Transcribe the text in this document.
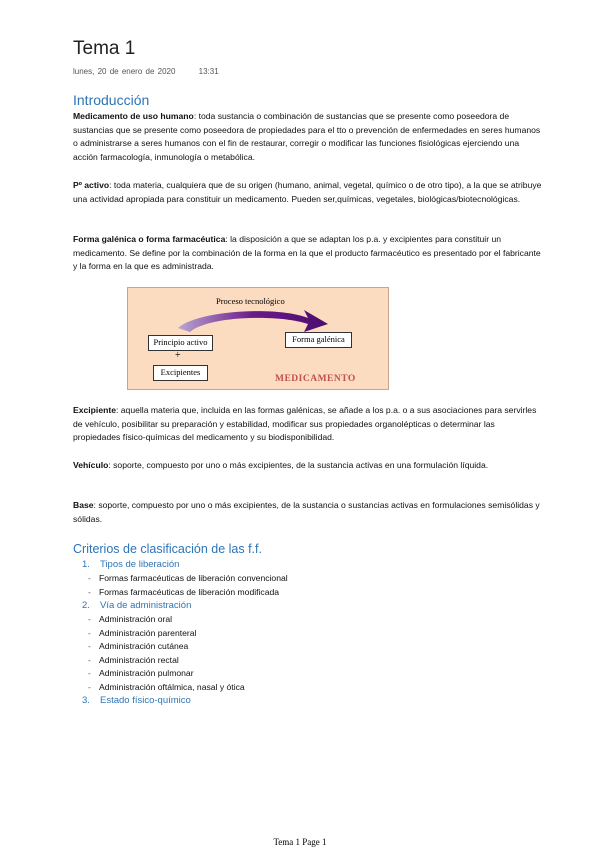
Tema 1
lunes, 20 de enero de 2020	13:31
Introducción
Medicamento de uso humano: toda sustancia o combinación de sustancias que se presente como poseedora de sustancias que se presente como poseedora de propiedades para el tto o prevención de enfermedades en seres humanos o administrarse a seres humanos con el fin de restaurar, corregir o modificar las funciones fisiológicas ejerciendo una acción farmacología, inmunología o metabólica.
Pº activo: toda materia, cualquiera que de su origen (humano, animal, vegetal, químico o de otro tipo), a la que se atribuye una actividad apropiada para constituir un medicamento. Pueden ser,químicas, vegetales, biológicas/biotecnológicas.
Forma galénica o forma farmacéutica: la disposición a que se adaptan los p.a. y excipientes para constituir un medicamento. Se define por la combinación de la forma en la que el producto farmacéutico es presentado por el fabricante y la forma en la que es administrada.
Proceso tecnológico
Principio activo
+
Excipientes
Forma galénica
MEDICAMENTO
Excipiente: aquella materia que, incluida en las formas galénicas, se añade a los p.a. o a sus asociaciones para servirles de vehículo, posibilitar su preparación y estabilidad, modificar sus propiedades organolépticas o determinar las propiedades físico-químicas del medicamento y su biodisponibilidad.
Vehículo: soporte, compuesto por uno o más excipientes, de la sustancia activas en una formulación líquida.
Base: soporte, compuesto por uno o más excipientes, de la sustancia o sustancias activas en formulaciones semisólidas y sólidas.
Criterios de clasificación de las f.f.
1. Tipos de liberación
- Formas farmacéuticas de liberación convencional
- Formas farmacéuticas de liberación modificada
2. Vía de administración
- Administración oral
- Administración parenteral
- Administración cutánea
- Administración rectal
- Administración pulmonar
- Administración oftálmica, nasal y ótica
3. Estado físico-químico
Tema 1 Page 1
